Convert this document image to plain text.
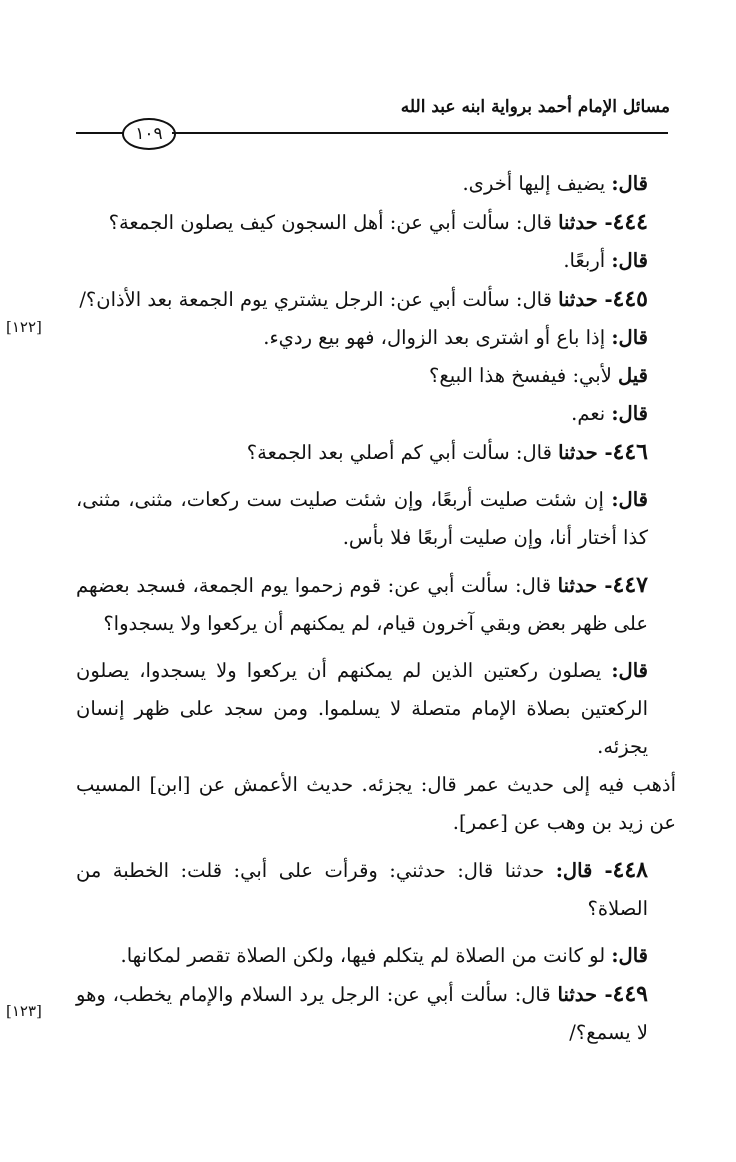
مسائل الإمام أحمد برواية ابنه عبد الله
١٠٩
[١٢٢]
[١٢٣]

قال: يضيف إليها أخرى.

٤٤٤- حدثنا قال: سألت أبي عن: أهل السجون كيف يصلون الجمعة؟

قال: أربعًا.

٤٤٥- حدثنا قال: سألت أبي عن: الرجل يشتري يوم الجمعة بعد الأذان؟/

قال: إذا باع أو اشترى بعد الزوال، فهو بيع رديء.

قيل لأبي: فيفسخ هذا البيع؟

قال: نعم.

٤٤٦- حدثنا قال: سألت أبي كم أصلي بعد الجمعة؟

قال: إن شئت صليت أربعًا، وإن شئت صليت ست ركعات، مثنى، مثنى، كذا أختار أنا، وإن صليت أربعًا فلا بأس.

٤٤٧- حدثنا قال: سألت أبي عن: قوم زحموا يوم الجمعة، فسجد بعضهم على ظهر بعض وبقي آخرون قيام، لم يمكنهم أن يركعوا ولا يسجدوا؟

قال: يصلون ركعتين الذين لم يمكنهم أن يركعوا ولا يسجدوا، يصلون الركعتين بصلاة الإمام متصلة لا يسلموا. ومن سجد على ظهر إنسان يجزئه.

أذهب فيه إلى حديث عمر قال: يجزئه. حديث الأعمش عن [ابن] المسيب عن زيد بن وهب عن [عمر].

٤٤٨- قال: حدثنا قال: حدثني: وقرأت على أبي: قلت: الخطبة من الصلاة؟

قال: لو كانت من الصلاة لم يتكلم فيها، ولكن الصلاة تقصر لمكانها.

٤٤٩- حدثنا قال: سألت أبي عن: الرجل يرد السلام والإمام يخطب، وهو لا يسمع؟/
